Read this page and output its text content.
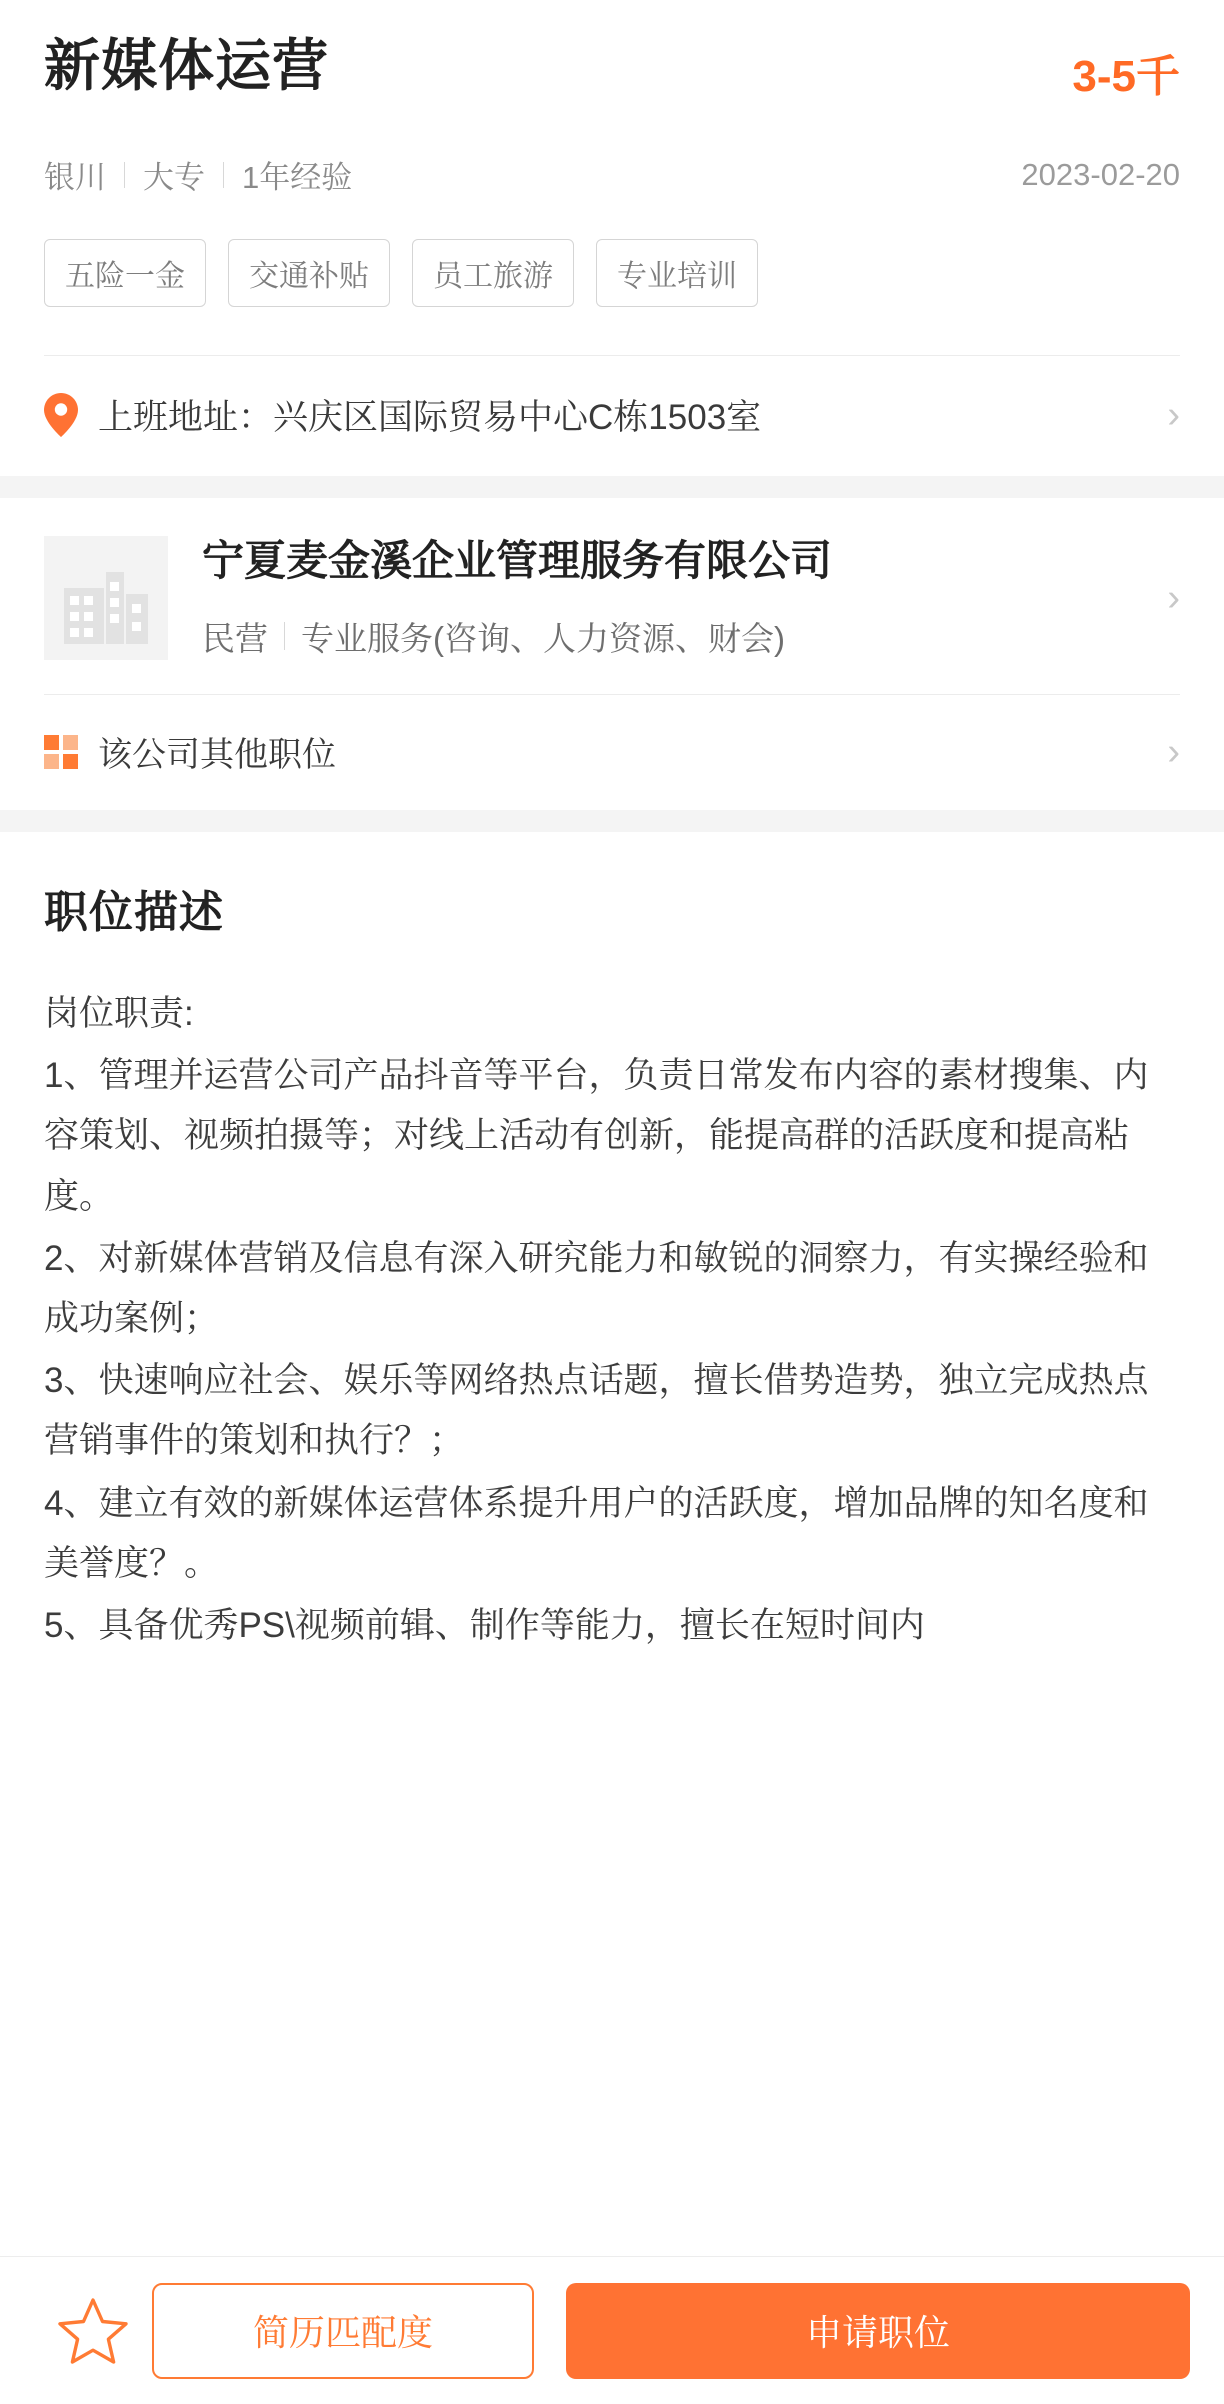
新媒体运营	3-5千
银川 大专 1年经验	2023-02-20
五险一金	交通补贴	员工旅游	专业培训
上班地址：兴庆区国际贸易中心C栋1503室	›
宁夏麦金溪企业管理服务有限公司
民营 专业服务(咨询、人力资源、财会)
›
该公司其他职位	›
职位描述

岗位职责:

1、管理并运营公司产品抖音等平台，负责日常发布内容的素材搜集、内容策划、视频拍摄等；对线上活动有创新，能提高群的活跃度和提高粘度。

2、对新媒体营销及信息有深入研究能力和敏锐的洞察力，有实操经验和成功案例；

3、快速响应社会、娱乐等网络热点话题，擅长借势造势，独立完成热点营销事件的策划和执行？；

4、建立有效的新媒体运营体系提升用户的活跃度，增加品牌的知名度和美誉度？。

5、具备优秀PS\视频前辑、制作等能力，擅长在短时间内

简历匹配度	申请职位
